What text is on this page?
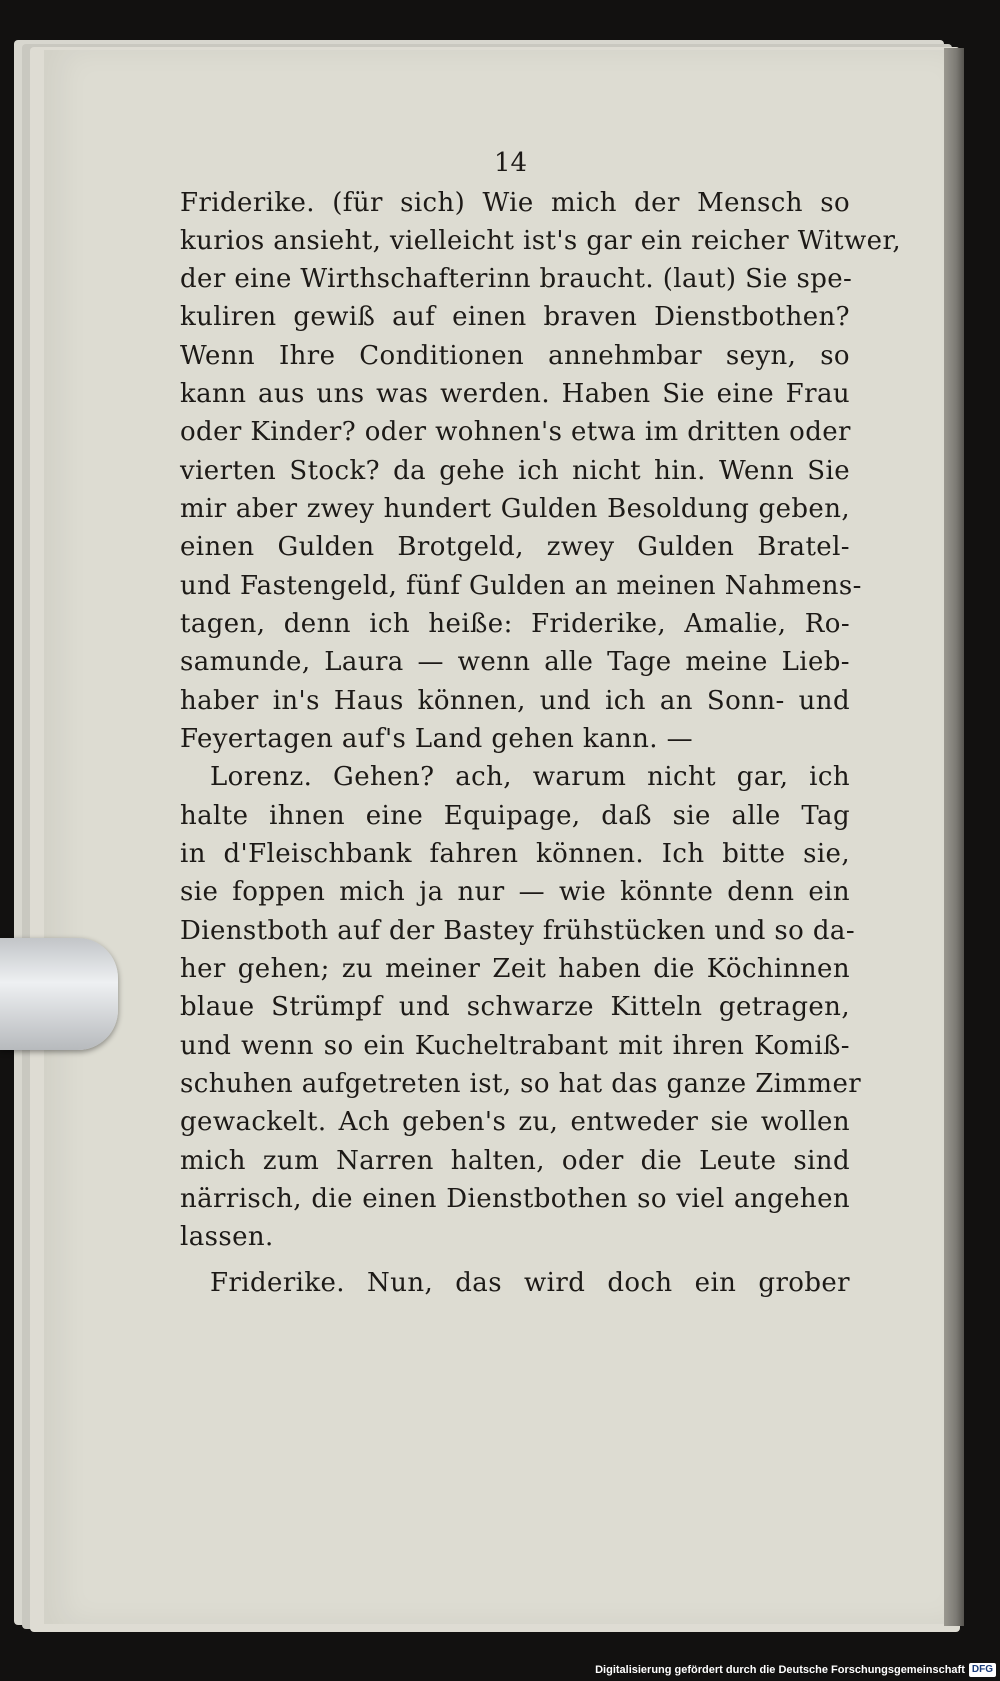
14
Friderike. (für sich) Wie mich der Mensch so
kurios ansieht, vielleicht ist's gar ein reicher Witwer,
der eine Wirthschafterinn braucht. (laut) Sie spe-
kuliren gewiß auf einen braven Dienstbothen?
Wenn Ihre Conditionen annehmbar seyn, so
kann aus uns was werden. Haben Sie eine Frau
oder Kinder? oder wohnen's etwa im dritten oder
vierten Stock? da gehe ich nicht hin. Wenn Sie
mir aber zwey hundert Gulden Besoldung geben,
einen Gulden Brotgeld, zwey Gulden Bratel-
und Fastengeld, fünf Gulden an meinen Nahmens-
tagen, denn ich heiße: Friderike, Amalie, Ro-
samunde, Laura — wenn alle Tage meine Lieb-
haber in's Haus können, und ich an Sonn- und
Feyertagen auf's Land gehen kann. —
Lorenz. Gehen? ach, warum nicht gar, ich
halte ihnen eine Equipage, daß sie alle Tag
in d'Fleischbank fahren können. Ich bitte sie,
sie foppen mich ja nur — wie könnte denn ein
Dienstboth auf der Bastey frühstücken und so da-
her gehen; zu meiner Zeit haben die Köchinnen
blaue Strümpf und schwarze Kitteln getragen,
und wenn so ein Kucheltrabant mit ihren Komiß-
schuhen aufgetreten ist, so hat das ganze Zimmer
gewackelt. Ach geben's zu, entweder sie wollen
mich zum Narren halten, oder die Leute sind
närrisch, die einen Dienstbothen so viel angehen
lassen.
Friderike. Nun, das wird doch ein grober
Digitalisierung gefördert durch die Deutsche Forschungsgemeinschaft DFG
